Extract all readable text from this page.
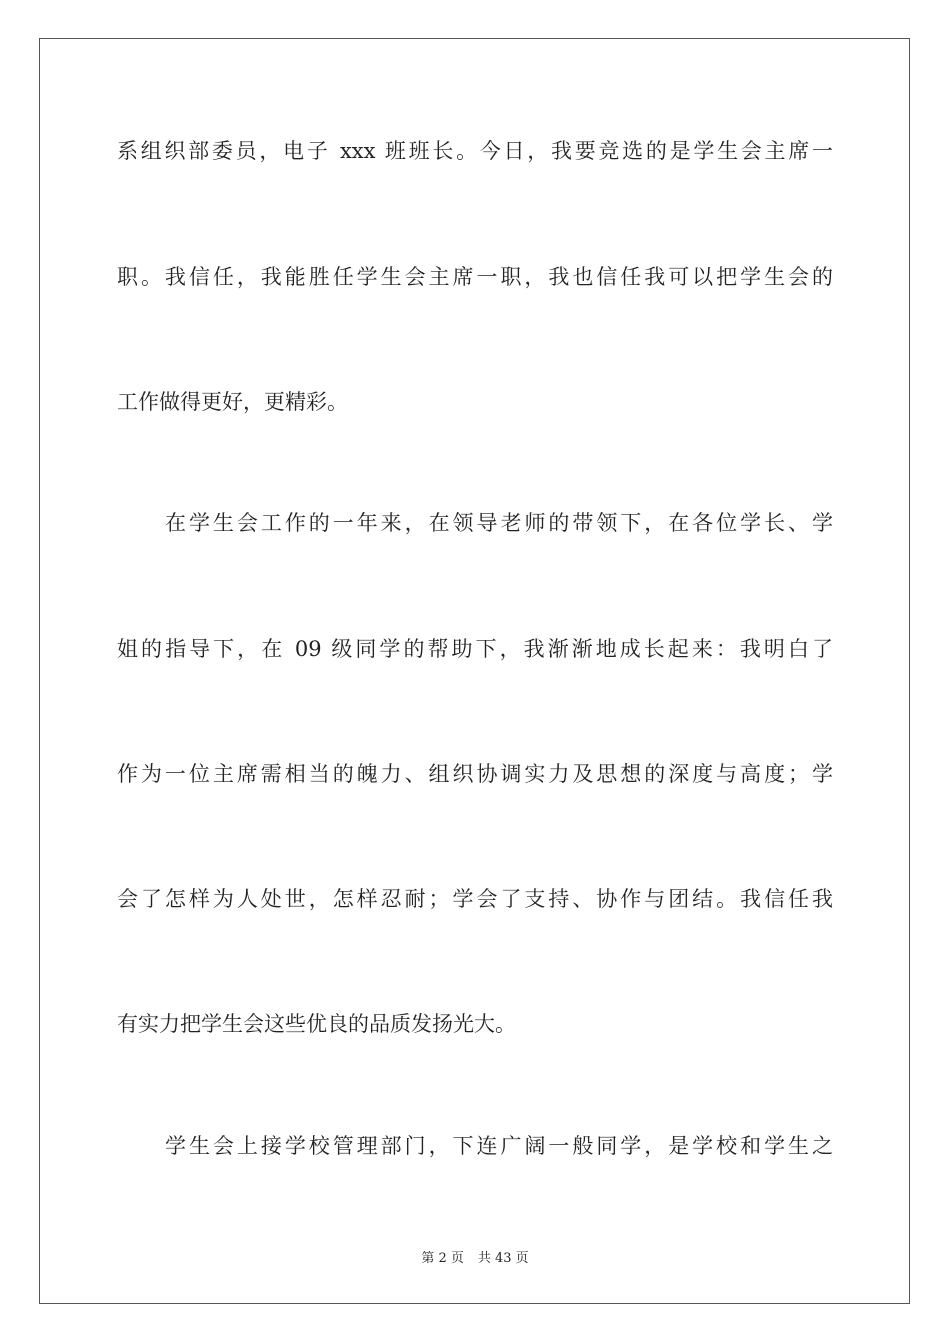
系组织部委员，电子 xxx 班班长。今日，我要竞选的是学生会主席一
职。我信任，我能胜任学生会主席一职，我也信任我可以把学生会的
工作做得更好，更精彩。
在学生会工作的一年来，在领导老师的带领下，在各位学长、学
姐的指导下，在 09 级同学的帮助下，我渐渐地成长起来：我明白了
作为一位主席需相当的魄力、组织协调实力及思想的深度与高度；学
会了怎样为人处世，怎样忍耐；学会了支持、协作与团结。我信任我
有实力把学生会这些优良的品质发扬光大。
学生会上接学校管理部门，下连广阔一般同学，是学校和学生之
第 2 页 共 43 页
